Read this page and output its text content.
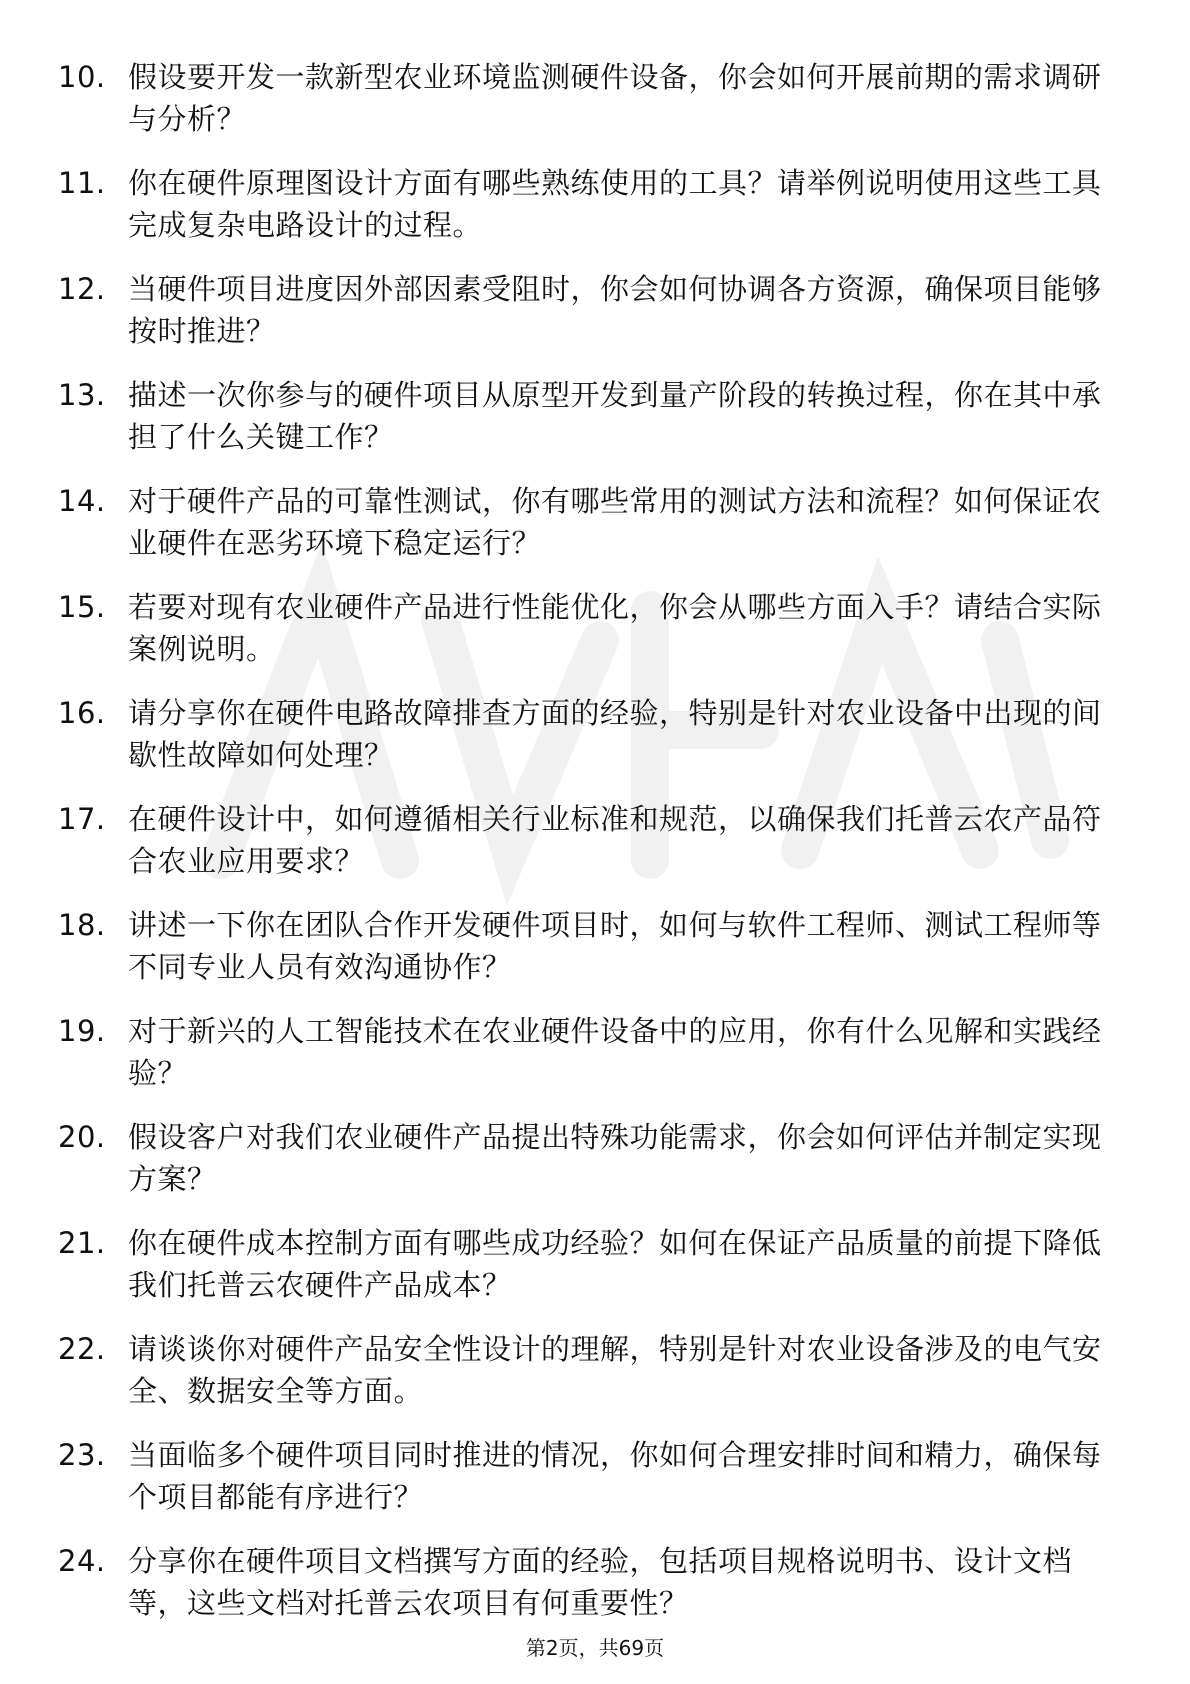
10. 假设要开发一款新型农业环境监测硬件设备，你会如何开展前期的需求调研与分析？
11. 你在硬件原理图设计方面有哪些熟练使用的工具？请举例说明使用这些工具完成复杂电路设计的过程。
12. 当硬件项目进度因外部因素受阻时，你会如何协调各方资源，确保项目能够按时推进？
13. 描述一次你参与的硬件项目从原型开发到量产阶段的转换过程，你在其中承担了什么关键工作？
14. 对于硬件产品的可靠性测试，你有哪些常用的测试方法和流程？如何保证农业硬件在恶劣环境下稳定运行？
15. 若要对现有农业硬件产品进行性能优化，你会从哪些方面入手？请结合实际案例说明。
16. 请分享你在硬件电路故障排查方面的经验，特别是针对农业设备中出现的间歇性故障如何处理？
17. 在硬件设计中，如何遵循相关行业标准和规范，以确保我们托普云农产品符合农业应用要求？
18. 讲述一下你在团队合作开发硬件项目时，如何与软件工程师、测试工程师等不同专业人员有效沟通协作？
19. 对于新兴的人工智能技术在农业硬件设备中的应用，你有什么见解和实践经验？
20. 假设客户对我们农业硬件产品提出特殊功能需求，你会如何评估并制定实现方案？
21. 你在硬件成本控制方面有哪些成功经验？如何在保证产品质量的前提下降低我们托普云农硬件产品成本？
22. 请谈谈你对硬件产品安全性设计的理解，特别是针对农业设备涉及的电气安全、数据安全等方面。
23. 当面临多个硬件项目同时推进的情况，你如何合理安排时间和精力，确保每个项目都能有序进行？
24. 分享你在硬件项目文档撰写方面的经验，包括项目规格说明书、设计文档等，这些文档对托普云农项目有何重要性？
第2页，共69页
